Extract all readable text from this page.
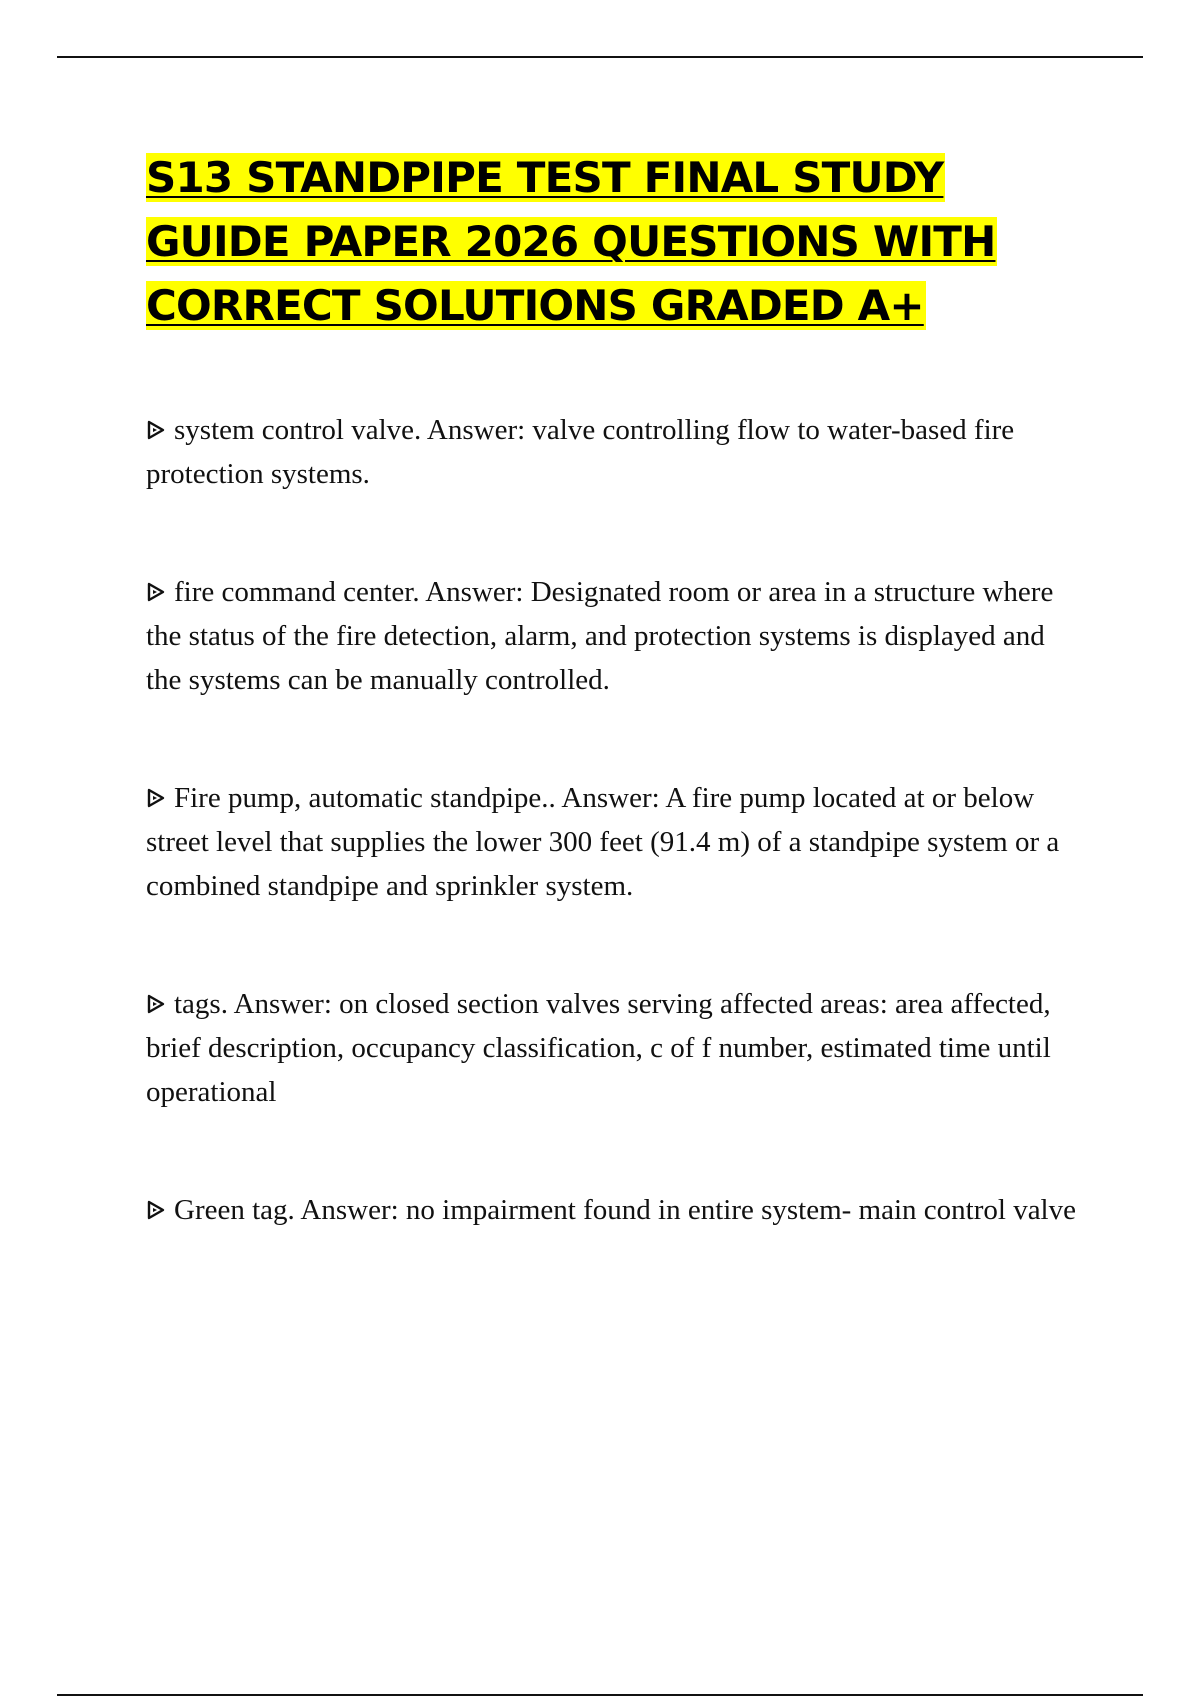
S13 STANDPIPE TEST FINAL STUDY GUIDE PAPER 2026 QUESTIONS WITH CORRECT SOLUTIONS GRADED A+

system control valve. Answer: valve controlling flow to water-based fire protection systems.

fire command center. Answer: Designated room or area in a structure where the status of the fire detection, alarm, and protection systems is displayed and the systems can be manually controlled.

Fire pump, automatic standpipe.. Answer: A fire pump located at or below street level that supplies the lower 300 feet (91.4 m) of a standpipe system or a combined standpipe and sprinkler system.

tags. Answer: on closed section valves serving affected areas: area affected, brief description, occupancy classification, c of f number, estimated time until operational

Green tag. Answer: no impairment found in entire system- main control valve
